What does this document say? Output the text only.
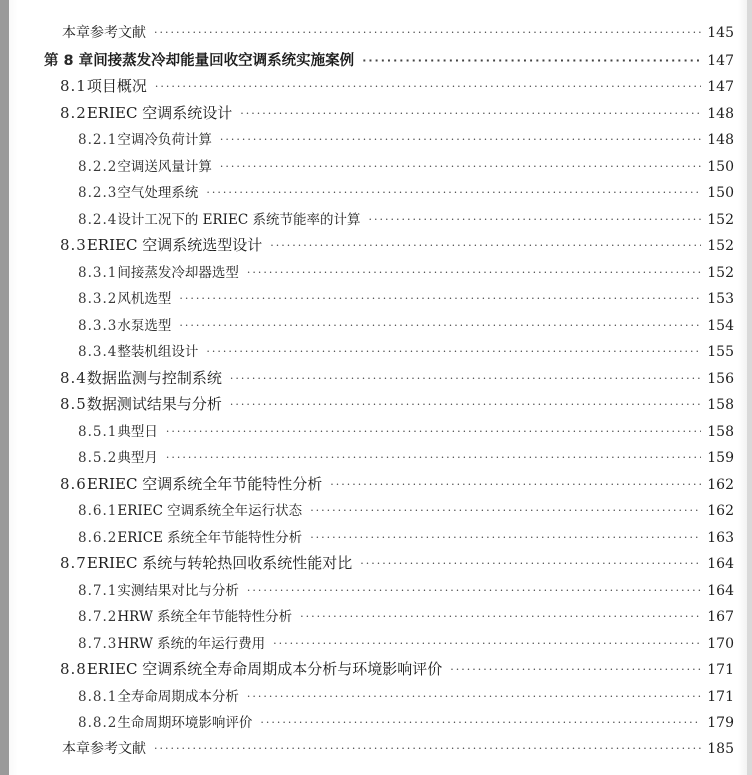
本章参考文献 ·····	145
第 8 章 间接蒸发冷却能量回收空调系统实施案例 ·····	147
8.1 项目概况 ·····	147
8.2 ERIEC 空调系统设计 ·····	148
8.2.1 空调冷负荷计算 ·····	148
8.2.2 空调送风量计算 ·····	150
8.2.3 空气处理系统 ·····	150
8.2.4 设计工况下的 ERIEC 系统节能率的计算 ·····	152
8.3 ERIEC 空调系统选型设计 ·····	152
8.3.1 间接蒸发冷却器选型 ·····	152
8.3.2 风机选型 ·····	153
8.3.3 水泵选型 ·····	154
8.3.4 整装机组设计 ·····	155
8.4 数据监测与控制系统 ·····	156
8.5 数据测试结果与分析 ·····	158
8.5.1 典型日 ·····	158
8.5.2 典型月 ·····	159
8.6 ERIEC 空调系统全年节能特性分析 ·····	162
8.6.1 ERIEC 空调系统全年运行状态 ·····	162
8.6.2 ERICE 系统全年节能特性分析 ·····	163
8.7 ERIEC 系统与转轮热回收系统性能对比 ·····	164
8.7.1 实测结果对比与分析 ·····	164
8.7.2 HRW 系统全年节能特性分析 ·····	167
8.7.3 HRW 系统的年运行费用 ·····	170
8.8 ERIEC 空调系统全寿命周期成本分析与环境影响评价 ·····	171
8.8.1 全寿命周期成本分析 ·····	171
8.8.2 生命周期环境影响评价 ·····	179
本章参考文献 ·····	185
